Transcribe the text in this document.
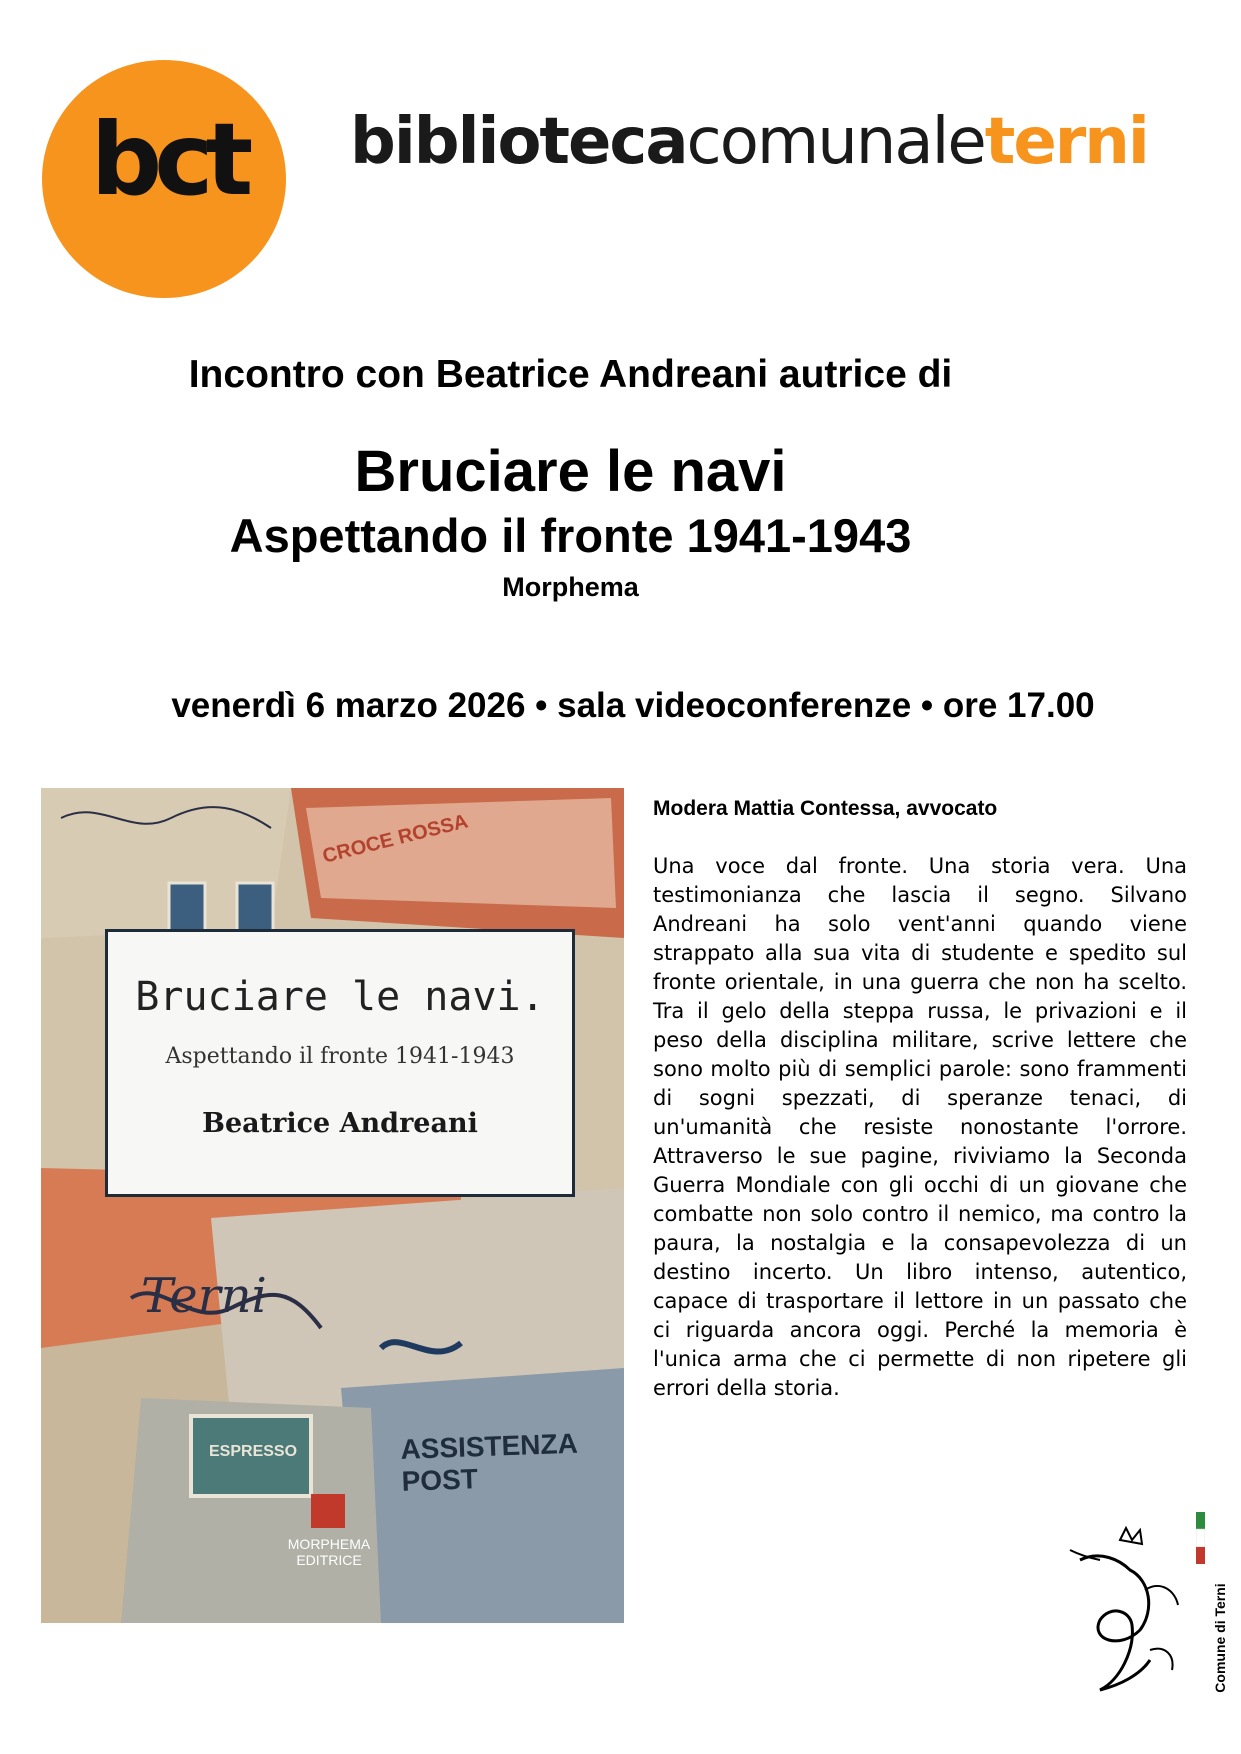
bct bibliotecacomunaleterni
Incontro con Beatrice Andreani autrice di
Bruciare le navi
Aspettando il fronte 1941-1943
Morphema
venerdì 6 marzo 2026 • sala videoconferenze • ore 17.00
CROCE ROSSA
ASSISTENZA POST
ESPRESSO
Terni
Bruciare le navi.
Aspettando il fronte 1941-1943
Beatrice Andreani
MORPHEMA
EDITRICE
Modera Mattia Contessa, avvocato
Una voce dal fronte. Una storia vera. Una testimonianza che lascia il segno. Silvano Andreani ha solo vent'anni quando viene strappato alla sua vita di studente e spedito sul fronte orientale, in una guerra che non ha scelto. Tra il gelo della steppa russa, le privazioni e il peso della disciplina militare, scrive lettere che sono molto più di semplici parole: sono frammenti di sogni spezzati, di speranze tenaci, di un'umanità che resiste nonostante l'orrore. Attraverso le sue pagine, riviviamo la Seconda Guerra Mondiale con gli occhi di un giovane che combatte non solo contro il nemico, ma contro la paura, la nostalgia e la consapevolezza di un destino incerto. Un libro intenso, autentico, capace di trasportare il lettore in un passato che ci riguarda ancora oggi. Perché la memoria è l'unica arma che ci permette di non ripetere gli errori della storia.
Comune di Terni
